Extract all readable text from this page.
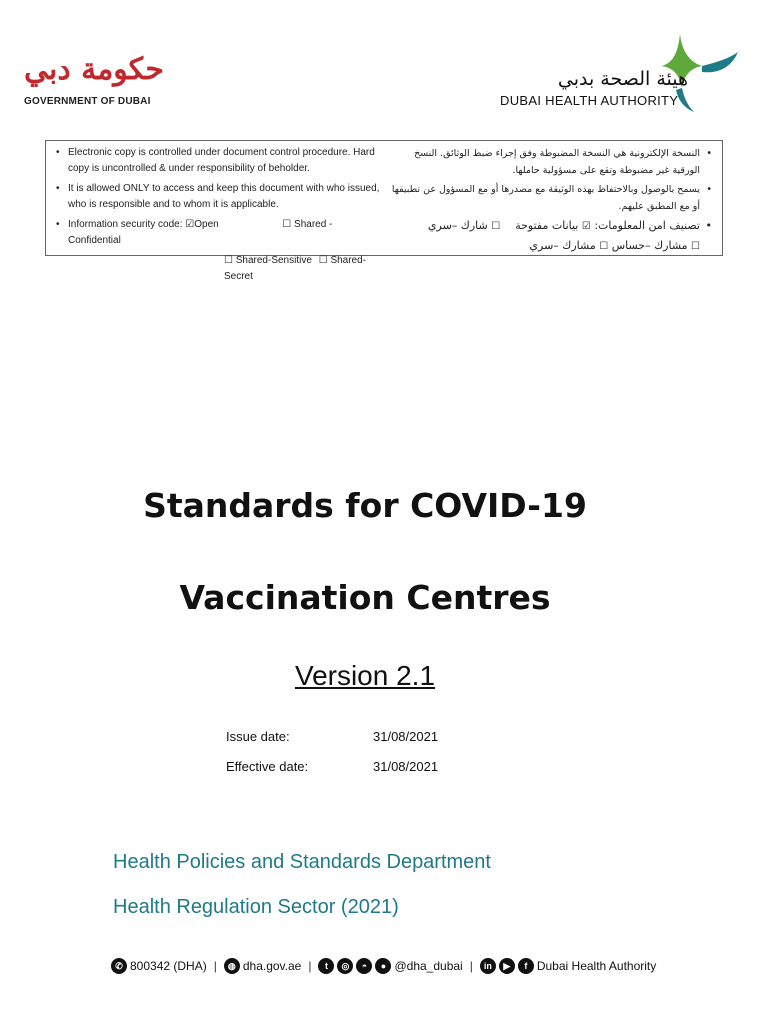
حكومة دبي
GOVERNMENT OF DUBAI
هيئة الصحة بدبي
DUBAI HEALTH AUTHORITY
• Electronic copy is controlled under document control procedure. Hard copy is uncontrolled & under responsibility of beholder.
• It is allowed ONLY to access and keep this document with who issued, who is responsible and to whom it is applicable.
• Information security code: ☑Open	☐ Shared -
Confidential
☐ Shared-Sensitive ☐ Shared-Secret
• النسخة الإلكترونية هي النسخة المضبوطة وفق إجراء ضبط الوثائق. النسخ الورقية غير مضبوطة وتقع على مسؤولية حاملها.
• يسمح بالوصول وبالاحتفاظ بهذه الوثيقة مع مصدرها أو مع المسؤول عن تطبيقها أو مع المطبق عليهم.
• تصنيف امن المعلومات: ☑ بيانات مفتوحة  ☐ شارك –سري
☐ مشارك –حساس ☐ مشارك –سري
Standards for COVID-19
Vaccination Centres
Version 2.1
Issue date:	31/08/2021
Effective date:	31/08/2021
Health Policies and Standards Department
Health Regulation Sector (2021)
✆ 800342 (DHA) |	◍ dha.gov.ae |	t	◎	◓	● @dha_dubai |	in	▶	f Dubai Health Authority
